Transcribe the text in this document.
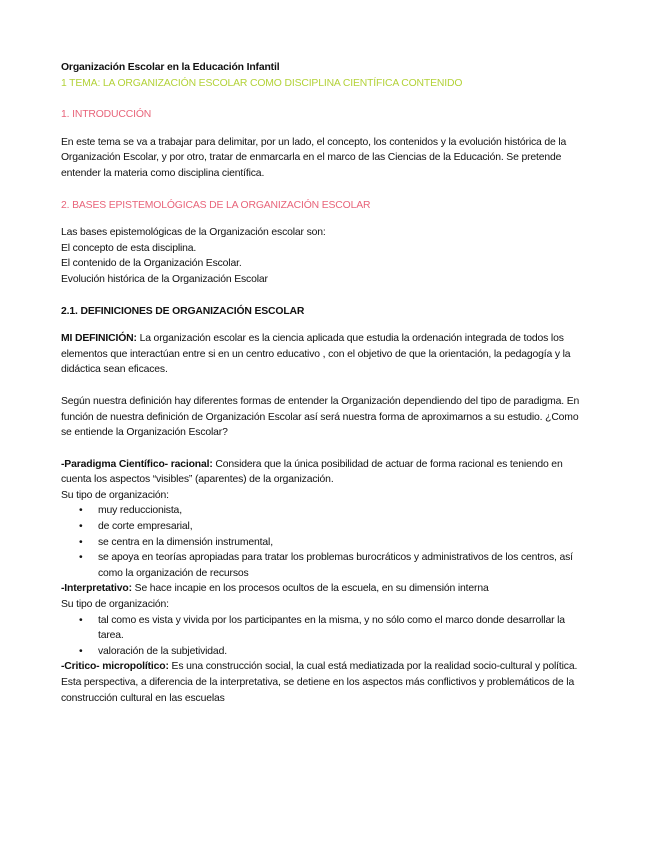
Organización Escolar en la Educación Infantil

1 TEMA: LA ORGANIZACIÓN ESCOLAR COMO DISCIPLINA CIENTÍFICA CONTENIDO

1. INTRODUCCIÓN

En este tema se va a trabajar para delimitar, por un lado, el concepto, los contenidos y la evolución histórica de la Organización Escolar, y por otro, tratar de enmarcarla en el marco de las Ciencias de la Educación. Se pretende entender la materia como disciplina científica.

2. BASES EPISTEMOLÓGICAS DE LA ORGANIZACIÓN ESCOLAR

Las bases epistemológicas de la Organización escolar son:

El concepto de esta disciplina.

El contenido de la Organización Escolar.

Evolución histórica de la Organización Escolar

2.1. DEFINICIONES DE ORGANIZACIÓN ESCOLAR

MI DEFINICIÓN: La organización escolar es la ciencia aplicada que estudia la ordenación integrada de todos los elementos que interactúan entre si en un centro educativo , con el objetivo de que la orientación, la pedagogía y la didáctica sean eficaces.

Según nuestra definición hay diferentes formas de entender la Organización dependiendo del tipo de paradigma. En función de nuestra definición de Organización Escolar así será nuestra forma de aproximarnos a su estudio. ¿Como se entiende la Organización Escolar?

-Paradigma Científico- racional: Considera que la única posibilidad de actuar de forma racional es teniendo en cuenta los aspectos “visibles” (aparentes) de la organización.

Su tipo de organización:

• muy reduccionista,
• de corte empresarial,
• se centra en la dimensión instrumental,
• se apoya en teorías apropiadas para tratar los problemas burocráticos y administrativos de los centros, así como la organización de recursos

-Interpretativo: Se hace incapie en los procesos ocultos de la escuela, en su dimensión interna

Su tipo de organización:

• tal como es vista y vivida por los participantes en la misma, y no sólo como el marco donde desarrollar la tarea.
• valoración de la subjetividad.

-Critico- micropolítico: Es una construcción social, la cual está mediatizada por la realidad socio-cultural y política. Esta perspectiva, a diferencia de la interpretativa, se detiene en los aspectos más conflictivos y problemáticos de la construcción cultural en las escuelas
